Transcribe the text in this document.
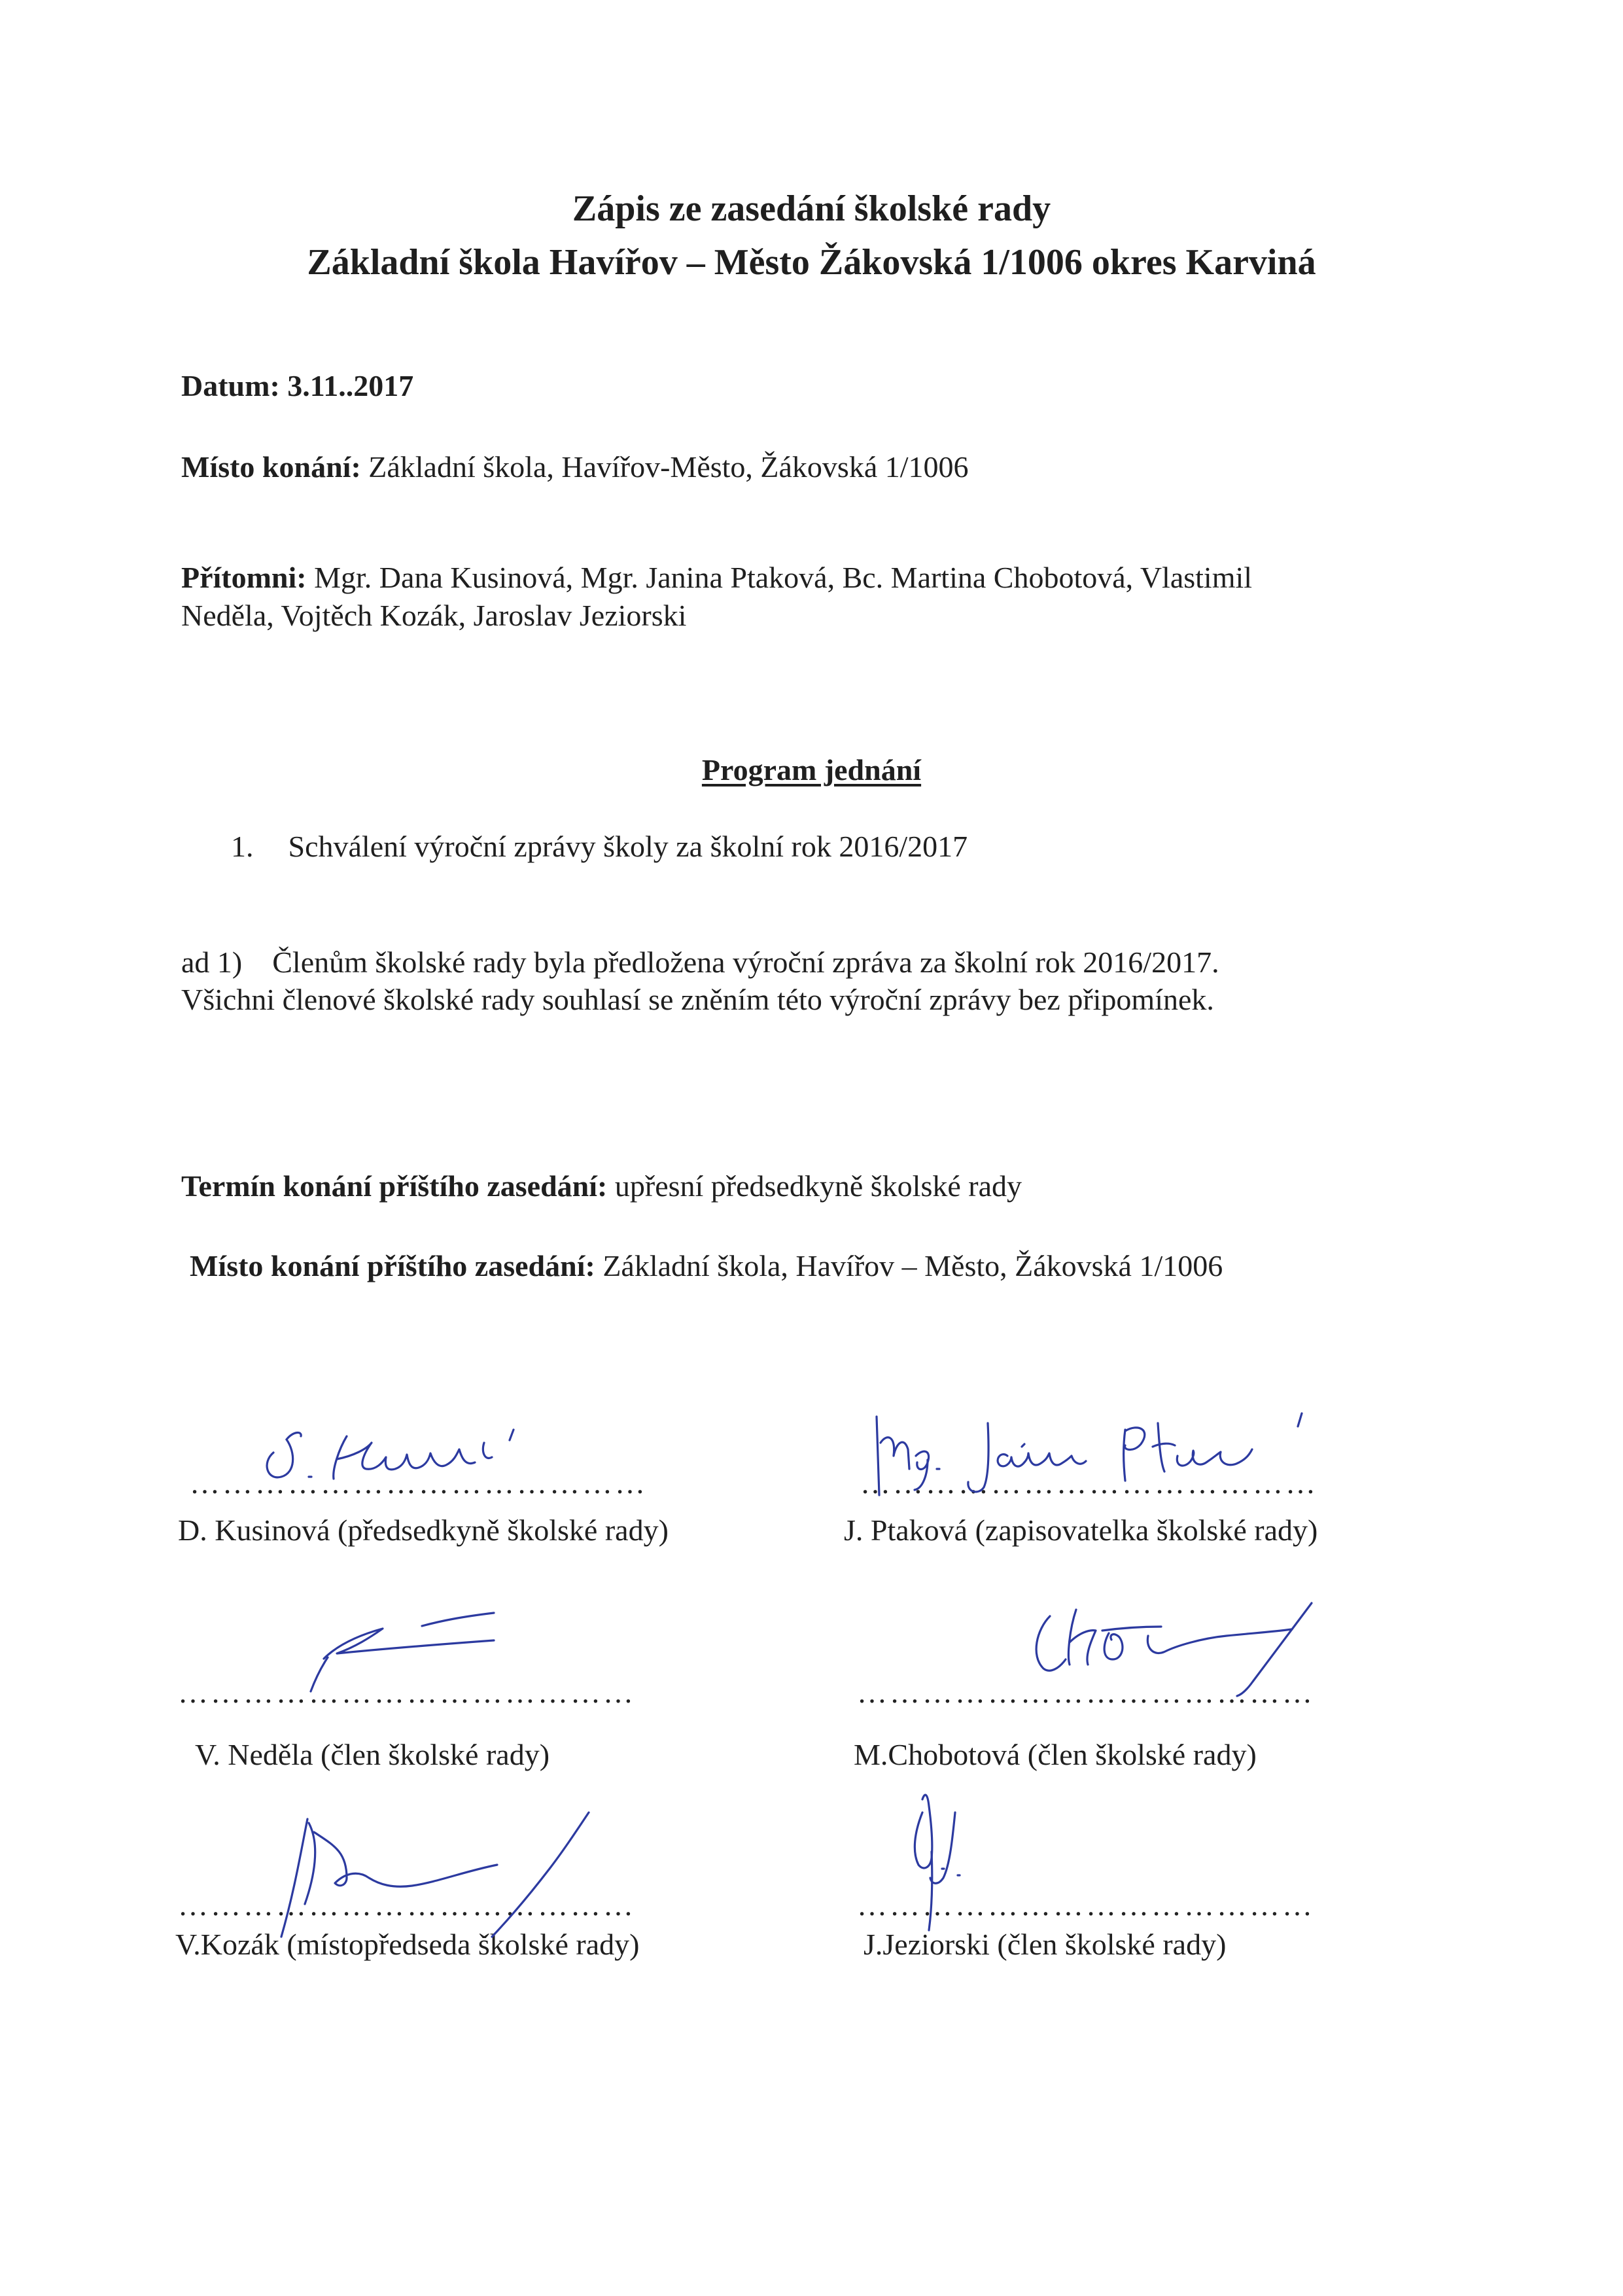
Zápis ze zasedání školské rady
Základní škola Havířov – Město Žákovská 1/1006 okres Karviná
Datum: 3.11..2017
Místo konání: Základní škola, Havířov-Město, Žákovská 1/1006
Přítomni: Mgr. Dana Kusinová, Mgr. Janina Ptaková, Bc. Martina Chobotová, Vlastimil
Neděla, Vojtěch Kozák, Jaroslav Jeziorski
Program jednání
1. Schválení výroční zprávy školy za školní rok 2016/2017
ad 1)    Členům školské rady byla předložena výroční zpráva za školní rok 2016/2017.
Všichni členové školské rady souhlasí se zněním této výroční zprávy bez připomínek.
Termín konání příštího zasedání: upřesní předsedkyně školské rady
Místo konání příštího zasedání: Základní škola, Havířov – Město, Žákovská 1/1006
……………………………………
D. Kusinová (předsedkyně školské rady)
……………………………………
J. Ptaková (zapisovatelka školské rady)
……………………………………
V. Neděla (člen školské rady)
……………………………………
M.Chobotová (člen školské rady)
……………………………………
V.Kozák (místopředseda školské rady)
……………………………………
J.Jeziorski (člen školské rady)
